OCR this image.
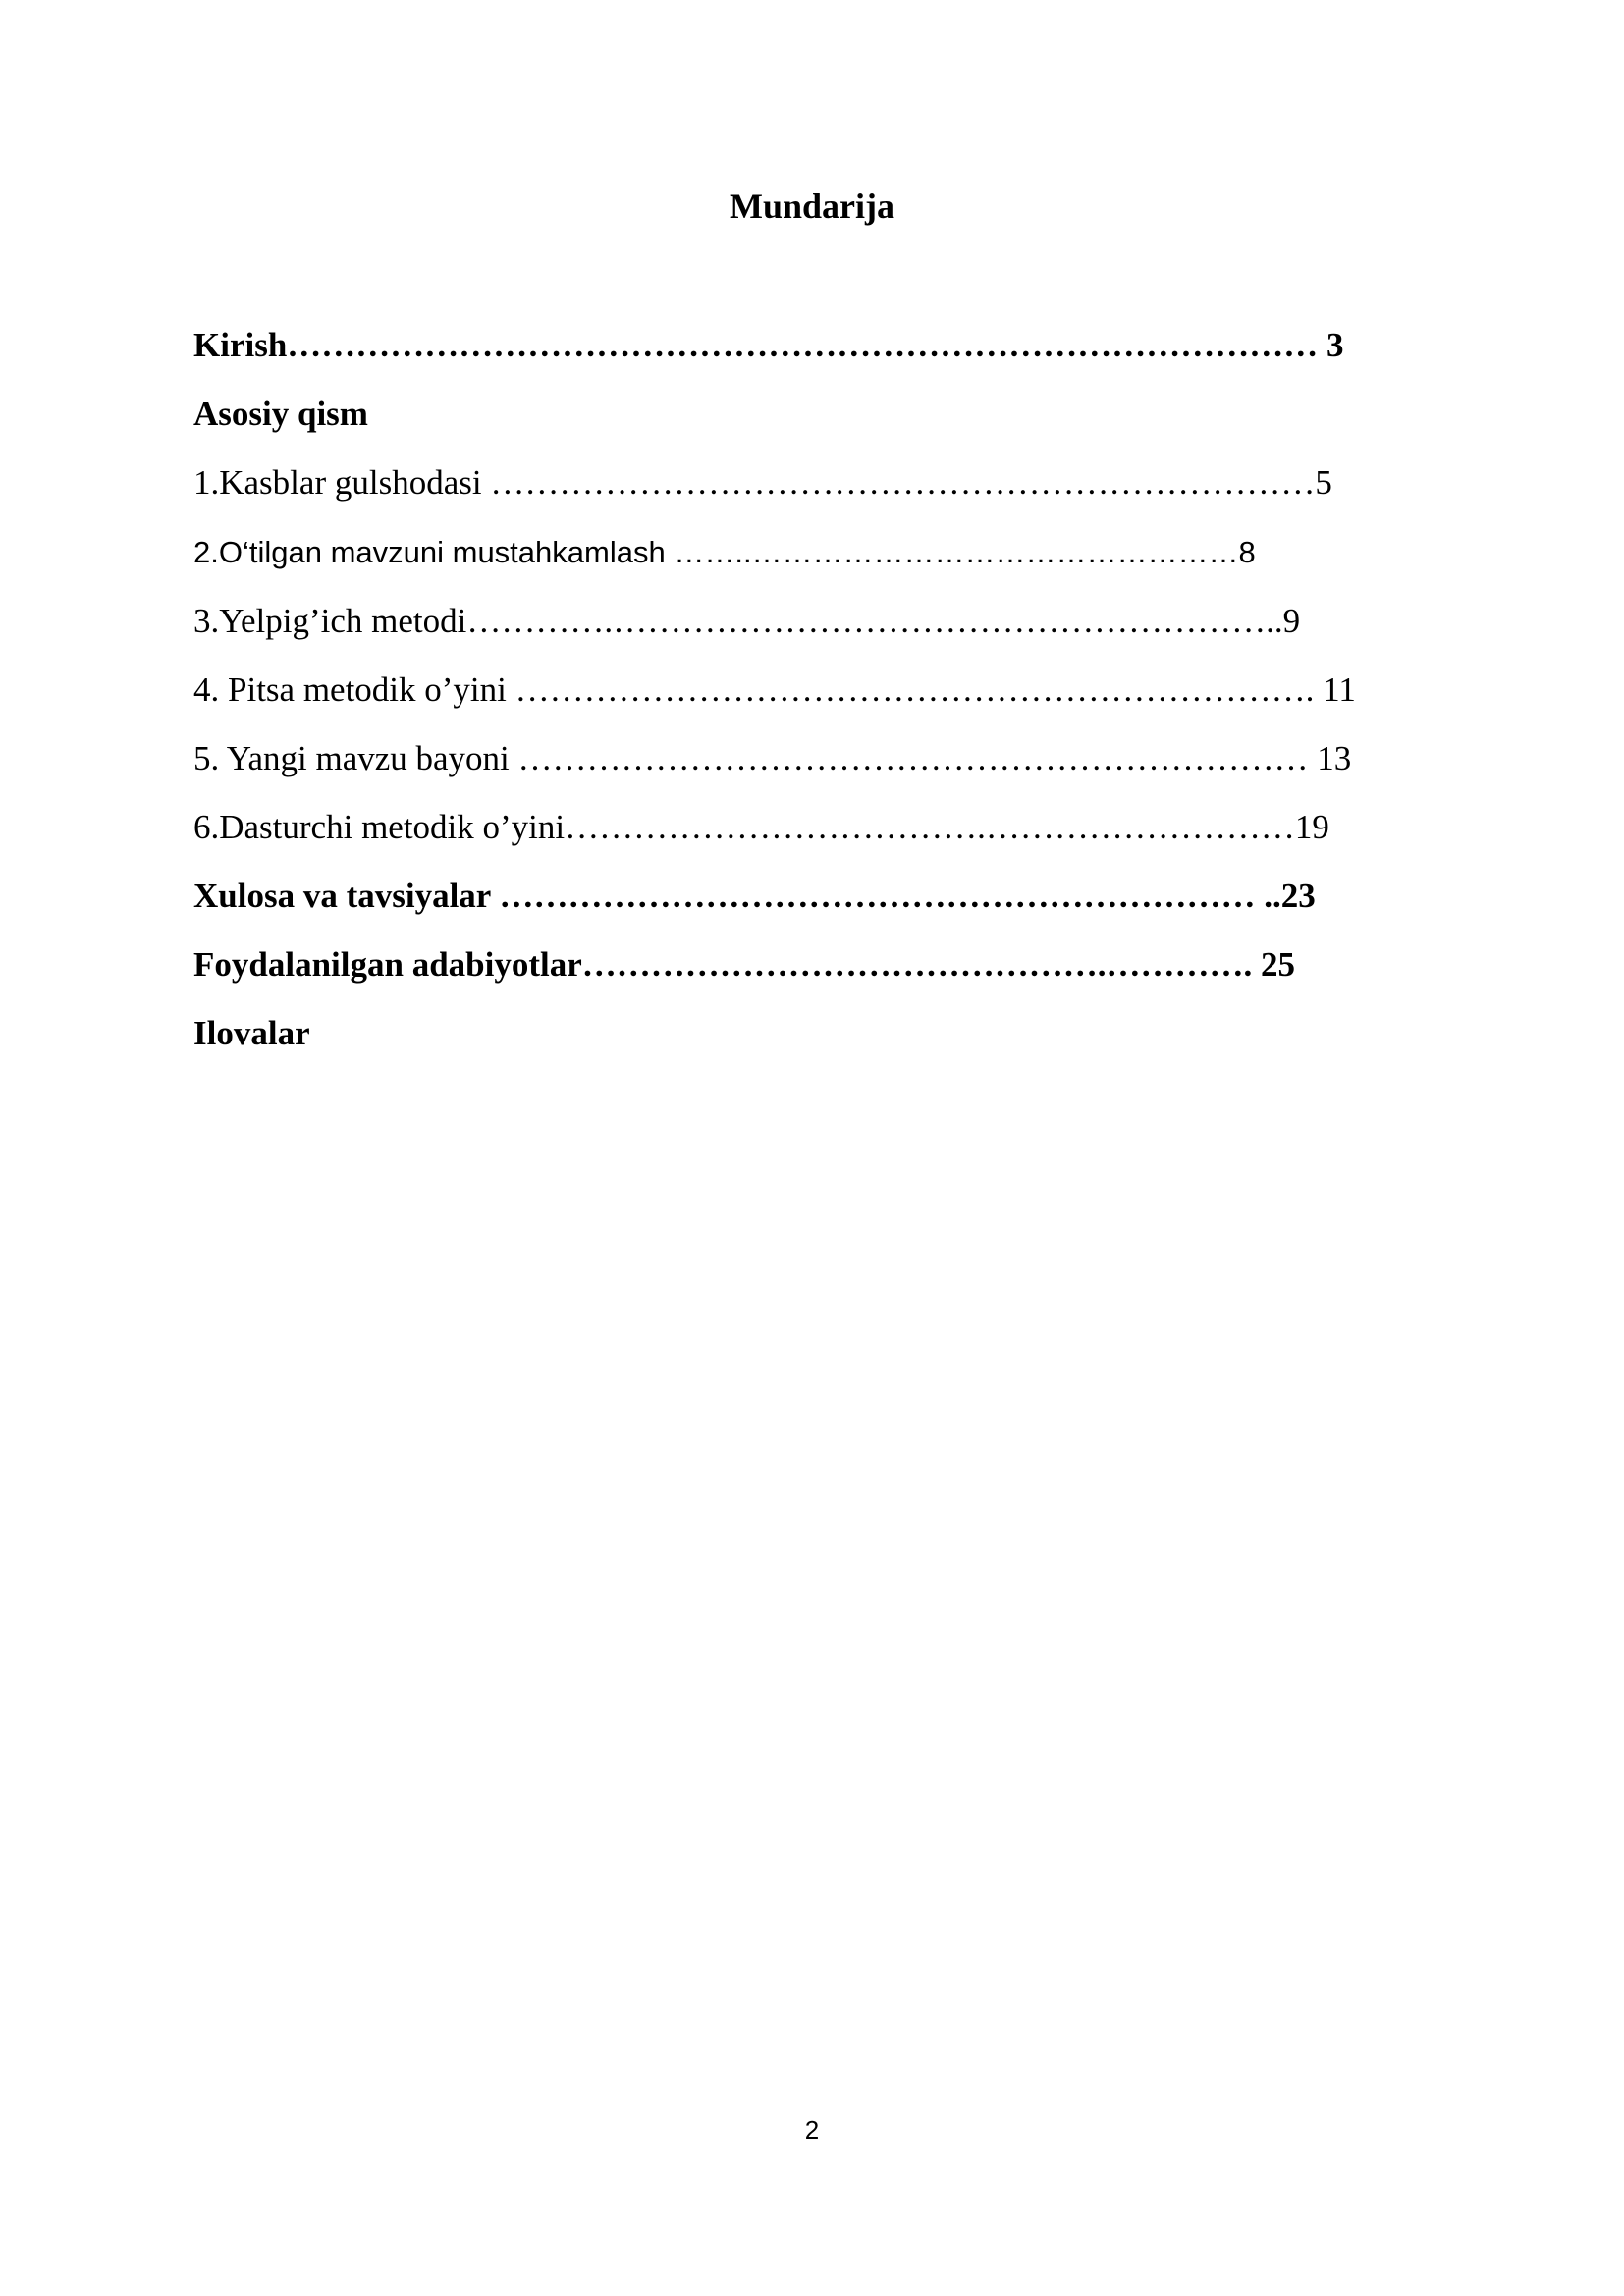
Mundarija
Kirish……………………………………………………………………………… 3
Asosiy qism
1.Kasblar gulshodasi ………………………………………………………………5
2.O‘tilgan mavzuni mustahkamlash ……..…………………………………………8
3.Yelpig’ich metodi………….…………………………………………………..9
4. Pitsa metodik o’yini ……………………………………………………………. 11
5. Yangi mavzu bayoni …………………………………………………………… 13
6.Dasturchi metodik o’yini……………………………….………………………19
Xulosa va tavsiyalar ………………………………………………………… ..23
Foydalanilgan adabiyotlar……………………………………….…………. 25
Ilovalar
2
